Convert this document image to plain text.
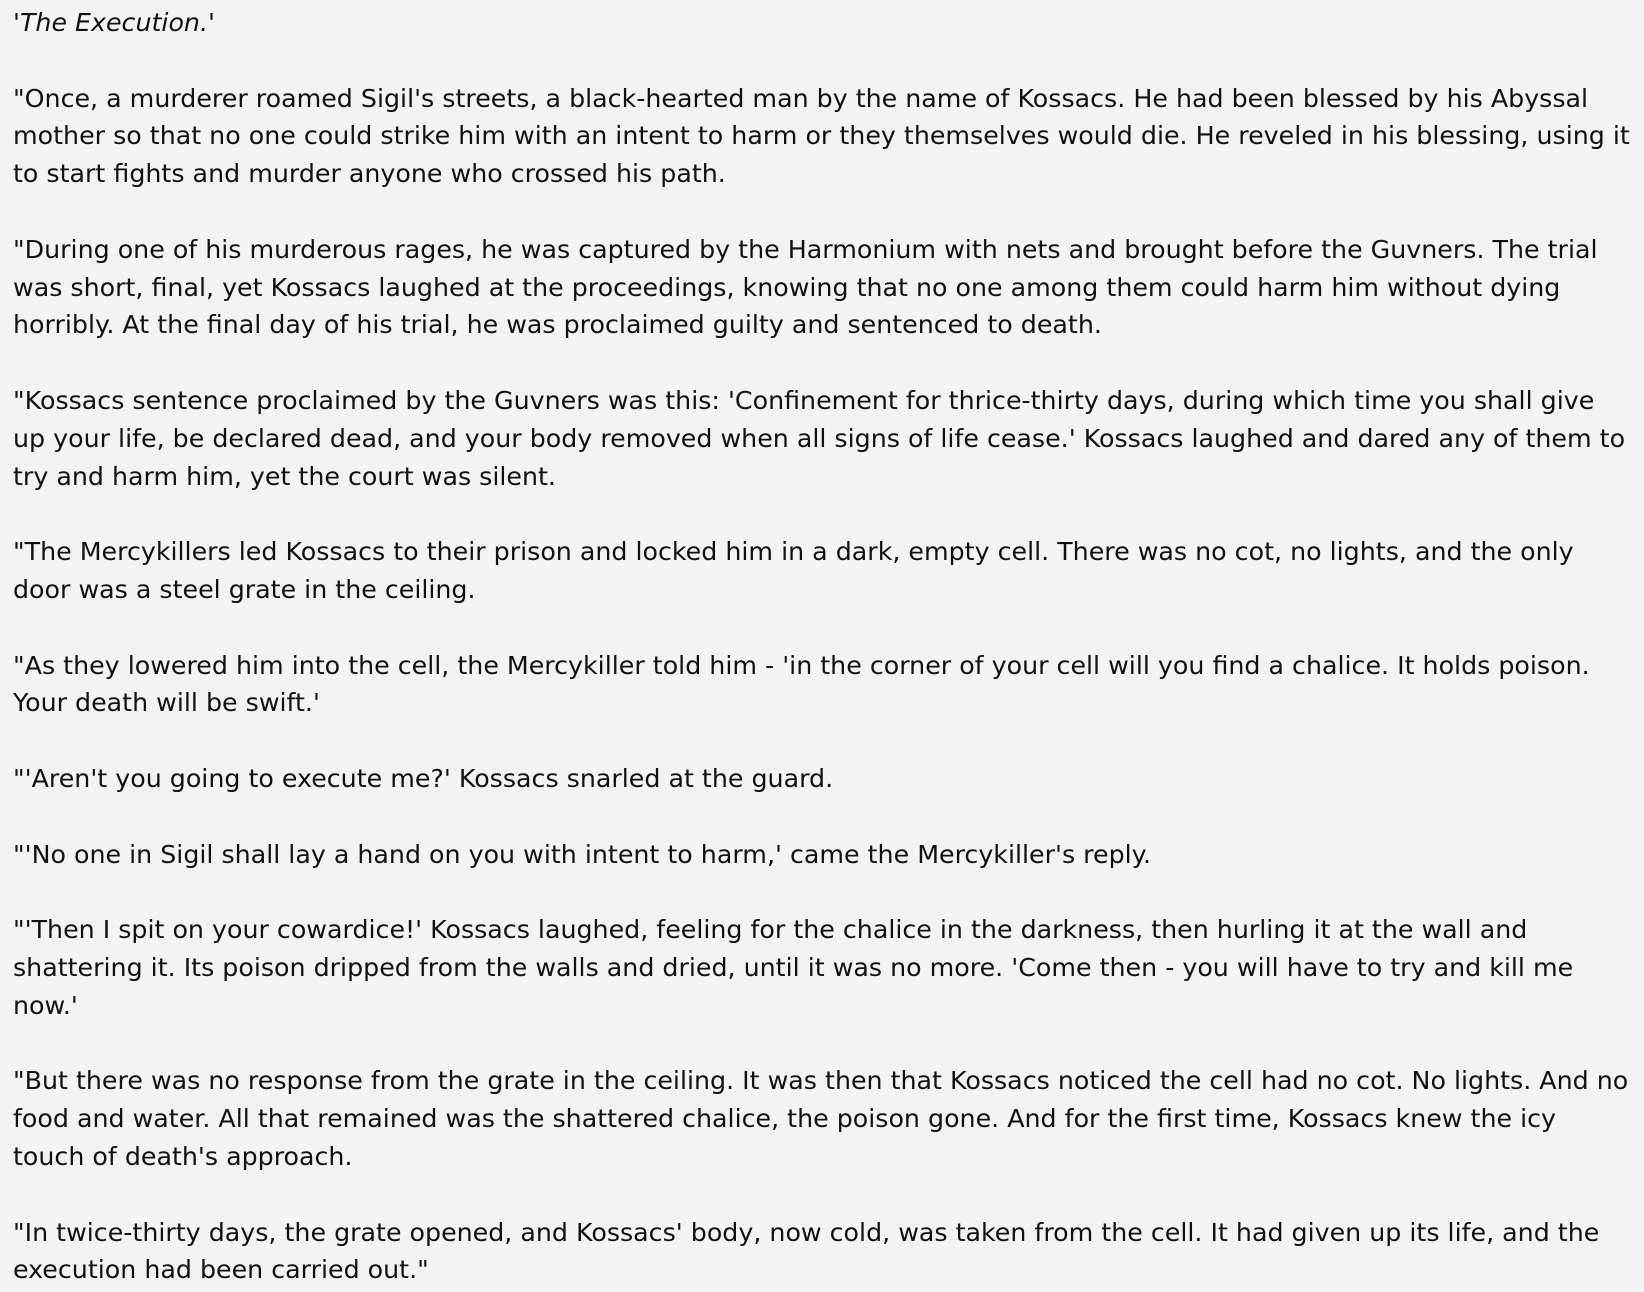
'The Execution.'

"Once, a murderer roamed Sigil's streets, a black-hearted man by the name of Kossacs. He had been blessed by his Abyssal mother so that no one could strike him with an intent to harm or they themselves would die. He reveled in his blessing, using it to start fights and murder anyone who crossed his path.

"During one of his murderous rages, he was captured by the Harmonium with nets and brought before the Guvners. The trial was short, final, yet Kossacs laughed at the proceedings, knowing that no one among them could harm him without dying horribly. At the final day of his trial, he was proclaimed guilty and sentenced to death.

"Kossacs sentence proclaimed by the Guvners was this: 'Confinement for thrice-thirty days, during which time you shall give up your life, be declared dead, and your body removed when all signs of life cease.' Kossacs laughed and dared any of them to try and harm him, yet the court was silent.

"The Mercykillers led Kossacs to their prison and locked him in a dark, empty cell. There was no cot, no lights, and the only door was a steel grate in the ceiling.

"As they lowered him into the cell, the Mercykiller told him - 'in the corner of your cell will you find a chalice. It holds poison. Your death will be swift.'

"'Aren't you going to execute me?' Kossacs snarled at the guard.

"'No one in Sigil shall lay a hand on you with intent to harm,' came the Mercykiller's reply.

"'Then I spit on your cowardice!' Kossacs laughed, feeling for the chalice in the darkness, then hurling it at the wall and shattering it. Its poison dripped from the walls and dried, until it was no more. 'Come then - you will have to try and kill me now.'

"But there was no response from the grate in the ceiling. It was then that Kossacs noticed the cell had no cot. No lights. And no food and water. All that remained was the shattered chalice, the poison gone. And for the first time, Kossacs knew the icy touch of death's approach.

"In twice-thirty days, the grate opened, and Kossacs' body, now cold, was taken from the cell. It had given up its life, and the execution had been carried out."
